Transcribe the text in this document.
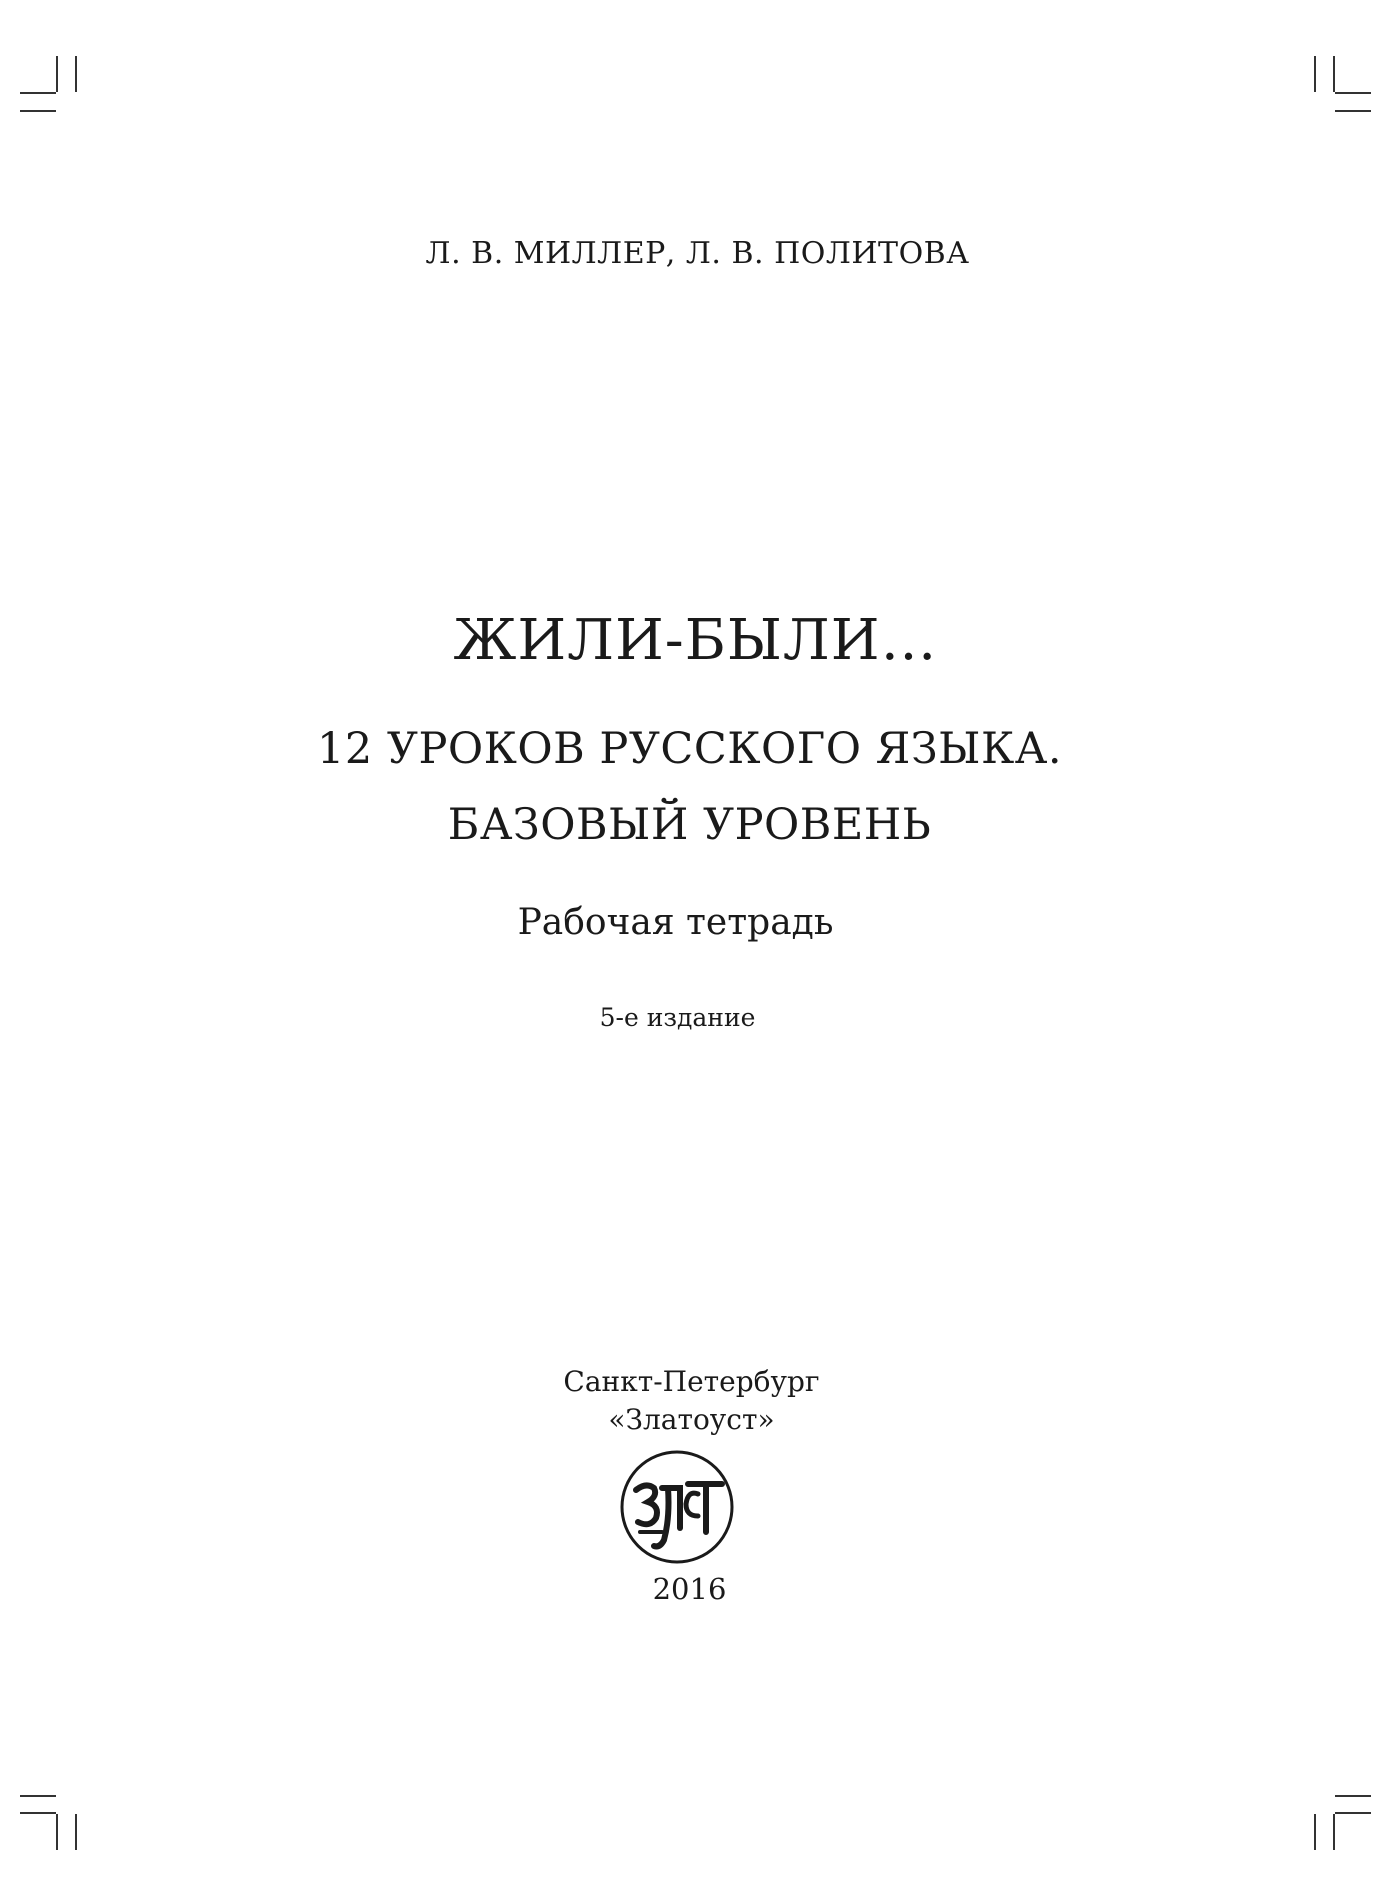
Л. В. МИЛЛЕР, Л. В. ПОЛИТОВА
ЖИЛИ-БЫЛИ…
12 УРОКОВ РУССКОГО ЯЗЫКА.
БАЗОВЫЙ УРОВЕНЬ
Рабочая тетрадь
5-е издание
Санкт-Петербург
«Златоуст»
2016
